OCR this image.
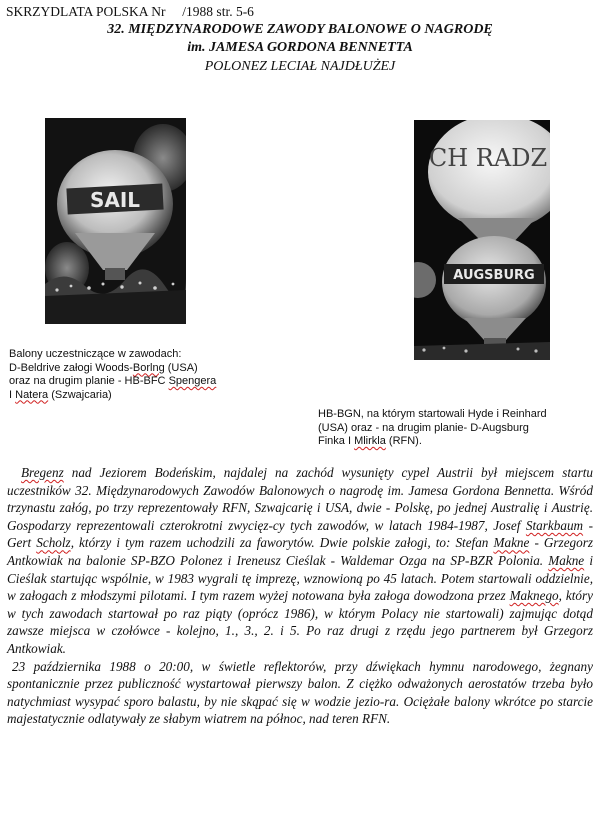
SKRZYDLATA POLSKA Nr     /1988 str. 5-6
32. MIĘDZYNARODOWE ZAWODY BALONOWE O NAGRODĘ
im. JAMESA GORDONA BENNETTA
POLONEZ LECIAŁ NAJDŁUŻEJ
SAIL
CH RADZ
AUGSBURG
Balony uczestniczące w zawodach:
D-Beldrive załogi Woods-Borlng (USA)
oraz na drugim planie - HB-BFC Spengera
I Natera (Szwajcaria)
HB-BGN, na którym startowali Hyde i Reinhard
(USA) oraz - na drugim planie- D-Augsburg
Finka I Mlirkla (RFN).

Bregenz nad Jeziorem Bodeńskim, najdalej na zachód wysunięty cypel Austrii był miejscem startu uczestników 32. Międzynarodowych Zawodów Balonowych o nagrodę im. Jamesa Gordona Bennetta. Wśród trzynastu załóg, po trzy reprezentowały RFN, Szwajcarię i USA, dwie - Polskę, po jednej Australię i Austrię. Gospodarzy reprezentowali czterokrotni zwycięz-cy tych zawodów, w latach 1984-1987, Josef Starkbaum - Gert Scholz, którzy i tym razem uchodzili za faworytów. Dwie polskie załogi, to: Stefan Makne - Grzegorz Antkowiak na balonie SP-BZO Polonez i Ireneusz Cieślak - Waldemar Ozga na SP-BZR Polonia. Makne i Cieślak startując wspólnie, w 1983 wygrali tę imprezę, wznowioną po 45 latach. Potem startowali oddzielnie, w załogach z młodszymi pilotami. I tym razem wyżej notowana była załoga dowodzona przez Maknego, który w tych zawodach startował po raz piąty (oprócz 1986), w którym Polacy nie startowali) zajmując dotąd zawsze miejsca w czołówce - kolejno, 1., 3., 2. i 5. Po raz drugi z rzędu jego partnerem był Grzegorz Antkowiak.

23 października 1988 o 20:00, w świetle reflektorów, przy dźwiękach hymnu narodowego, żegnany spontanicznie przez publiczność wystartował pierwszy balon. Z ciężko odważonych aerostatów trzeba było natychmiast wysypać sporo balastu, by nie skąpać się w wodzie jezio-ra. Ociężałe balony wkrótce po starcie majestatycznie odlatywały ze słabym wiatrem na północ, nad teren RFN.
